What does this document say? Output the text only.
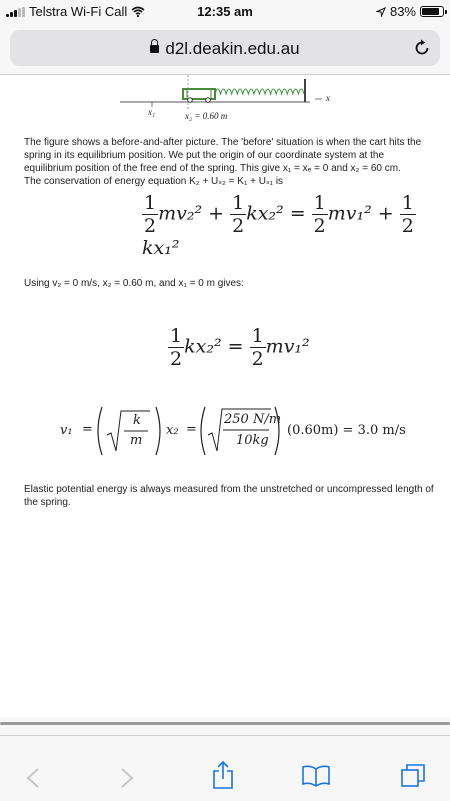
Telstra Wi-Fi Call	12:35 am	83%
d2l.deakin.edu.au
x₁	x₂ = 0.60 m
x
The figure shows a before-and-after picture. The 'before' situation is when the cart hits the
spring in its equilibrium position. We put the origin of our coordinate system at the
equilibrium position of the free end of the spring. This give x₁ = xₑ = 0 and x₂ = 60 cm.
The conservation of energy equation K₂ + Uₛ₂ = K₁ + Uₛ₁ is
$\frac{1}{2} mv_2^2 + \frac{1}{2} kx_2^2 = \frac{1}{2} mv_1^2 + \frac{1}{2}$
kx₁²
Using v₂ = 0 m/s, x₂ = 0.60 m, and x₁ = 0 m gives:
$\frac{1}{2} kx_2^2 = \frac{1}{2} mv_1^2$
v₁ =
k
m
x₂ =
250 N/m
10kg
(0.60m) = 3.0 m/s
Elastic potential energy is always measured from the unstretched or uncompressed length of
the spring.
